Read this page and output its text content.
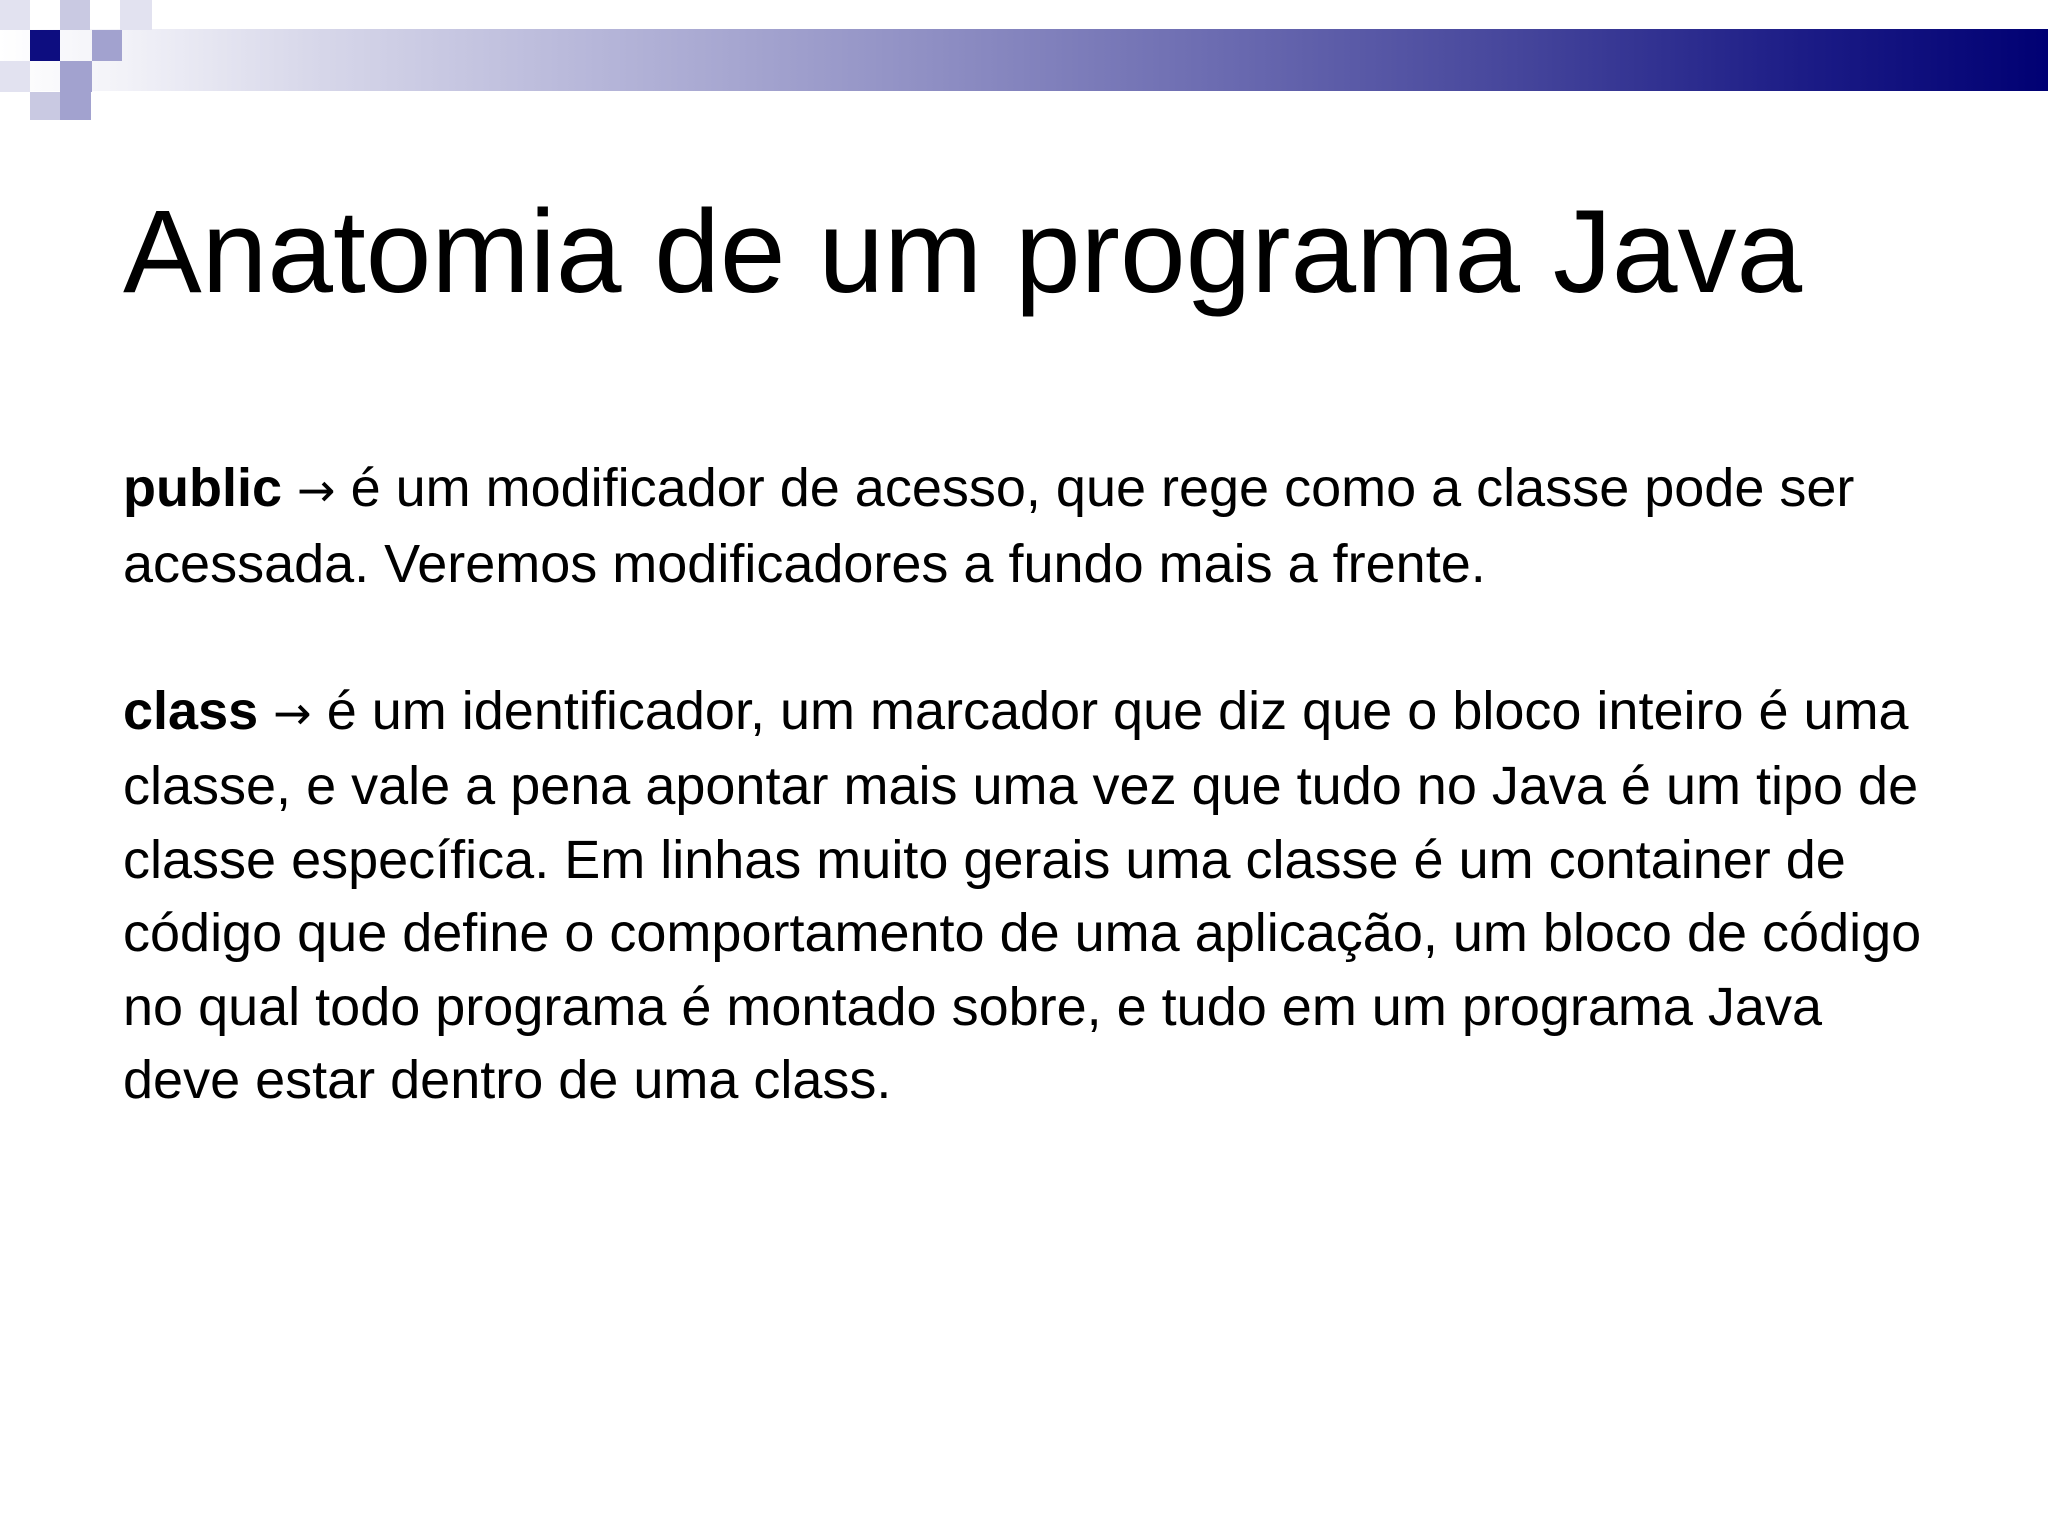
Anatomia de um programa Java

public → é um modificador de acesso, que rege como a classe pode ser acessada. Veremos modificadores a fundo mais a frente.

class → é um identificador, um marcador que diz que o bloco inteiro é uma classe, e vale a pena apontar mais uma vez que tudo no Java é um tipo de classe específica. Em linhas muito gerais uma classe é um container de código que define o comportamento de uma aplicação, um bloco de código no qual todo programa é montado sobre, e tudo em um programa Java deve estar dentro de uma class.
